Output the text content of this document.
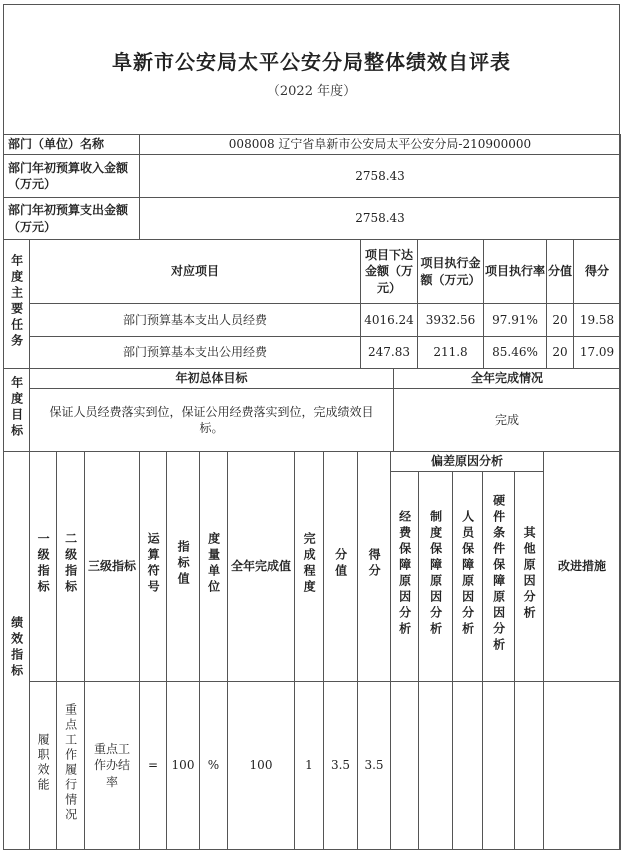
阜新市公安局太平公安分局整体绩效自评表
（2022 年度）
部门（单位）名称	008008 辽宁省阜新市公安局太平公安分局-210900000
部门年初预算收入金额（万元）	2758.43
部门年初预算支出金额（万元）	2758.43
年度主要任务	对应项目	项目下达金额（万元）	项目执行金额（万元）	项目执行率	分值	得分
	部门预算基本支出人员经费	4016.24	3932.56	97.91%	20	19.58
	部门预算基本支出公用经费	247.83	211.8	85.46%	20	17.09
年度目标	年初总体目标	全年完成情况
	保证人员经费落实到位，保证公用经费落实到位，完成绩效目标。	完成
绩效指标	一级指标	二级指标	三级指标	运算符号	指标值	度量单位	全年完成值	完成程度	分值	得分	偏差原因分析					改进措施
											经费保障原因分析	制度保障原因分析	人员保障原因分析	硬件条件保障原因分析	其他原因分析	
	履职效能	重点工作履行情况	重点工作办结率	=	100	%	100	1	3.5	3.5						
